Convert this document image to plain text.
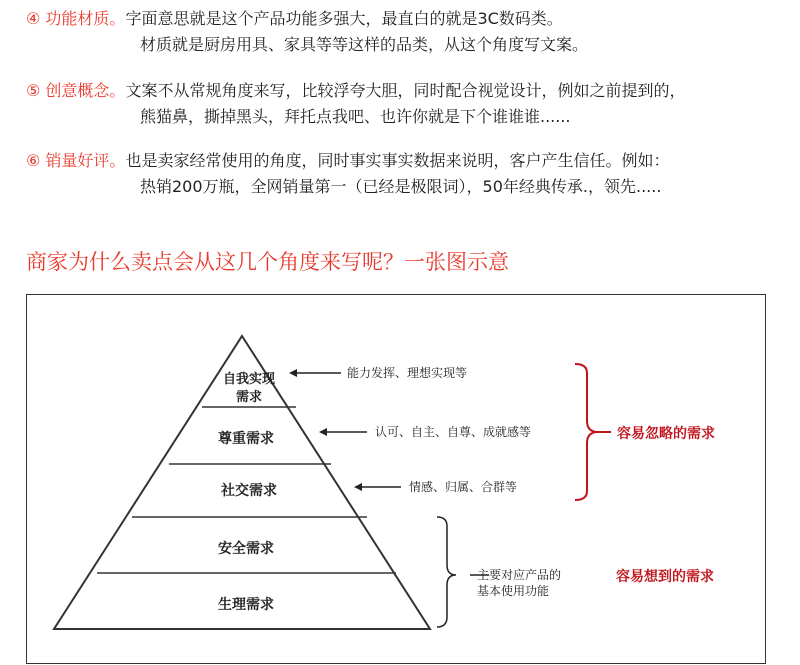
④ 功能材质。字面意思就是这个产品功能多强大，最直白的就是3C数码类。
材质就是厨房用具、家具等等这样的品类，从这个角度写文案。
⑤ 创意概念。文案不从常规角度来写，比较浮夸大胆，同时配合视觉设计，例如之前提到的，
熊猫鼻，撕掉黑头，拜托点我吧、也许你就是下个谁谁谁......
⑥ 销量好评。也是卖家经常使用的角度，同时事实事实数据来说明，客户产生信任。例如：
热销200万瓶，全网销量第一（已经是极限词），50年经典传承.，领先.....
商家为什么卖点会从这几个角度来写呢？一张图示意
自我实现
需求
尊重需求
社交需求
安全需求
生理需求
能力发挥、理想实现等
认可、自主、自尊、成就感等
情感、归属、合群等
主要对应产品的
基本使用功能
容易忽略的需求
容易想到的需求
